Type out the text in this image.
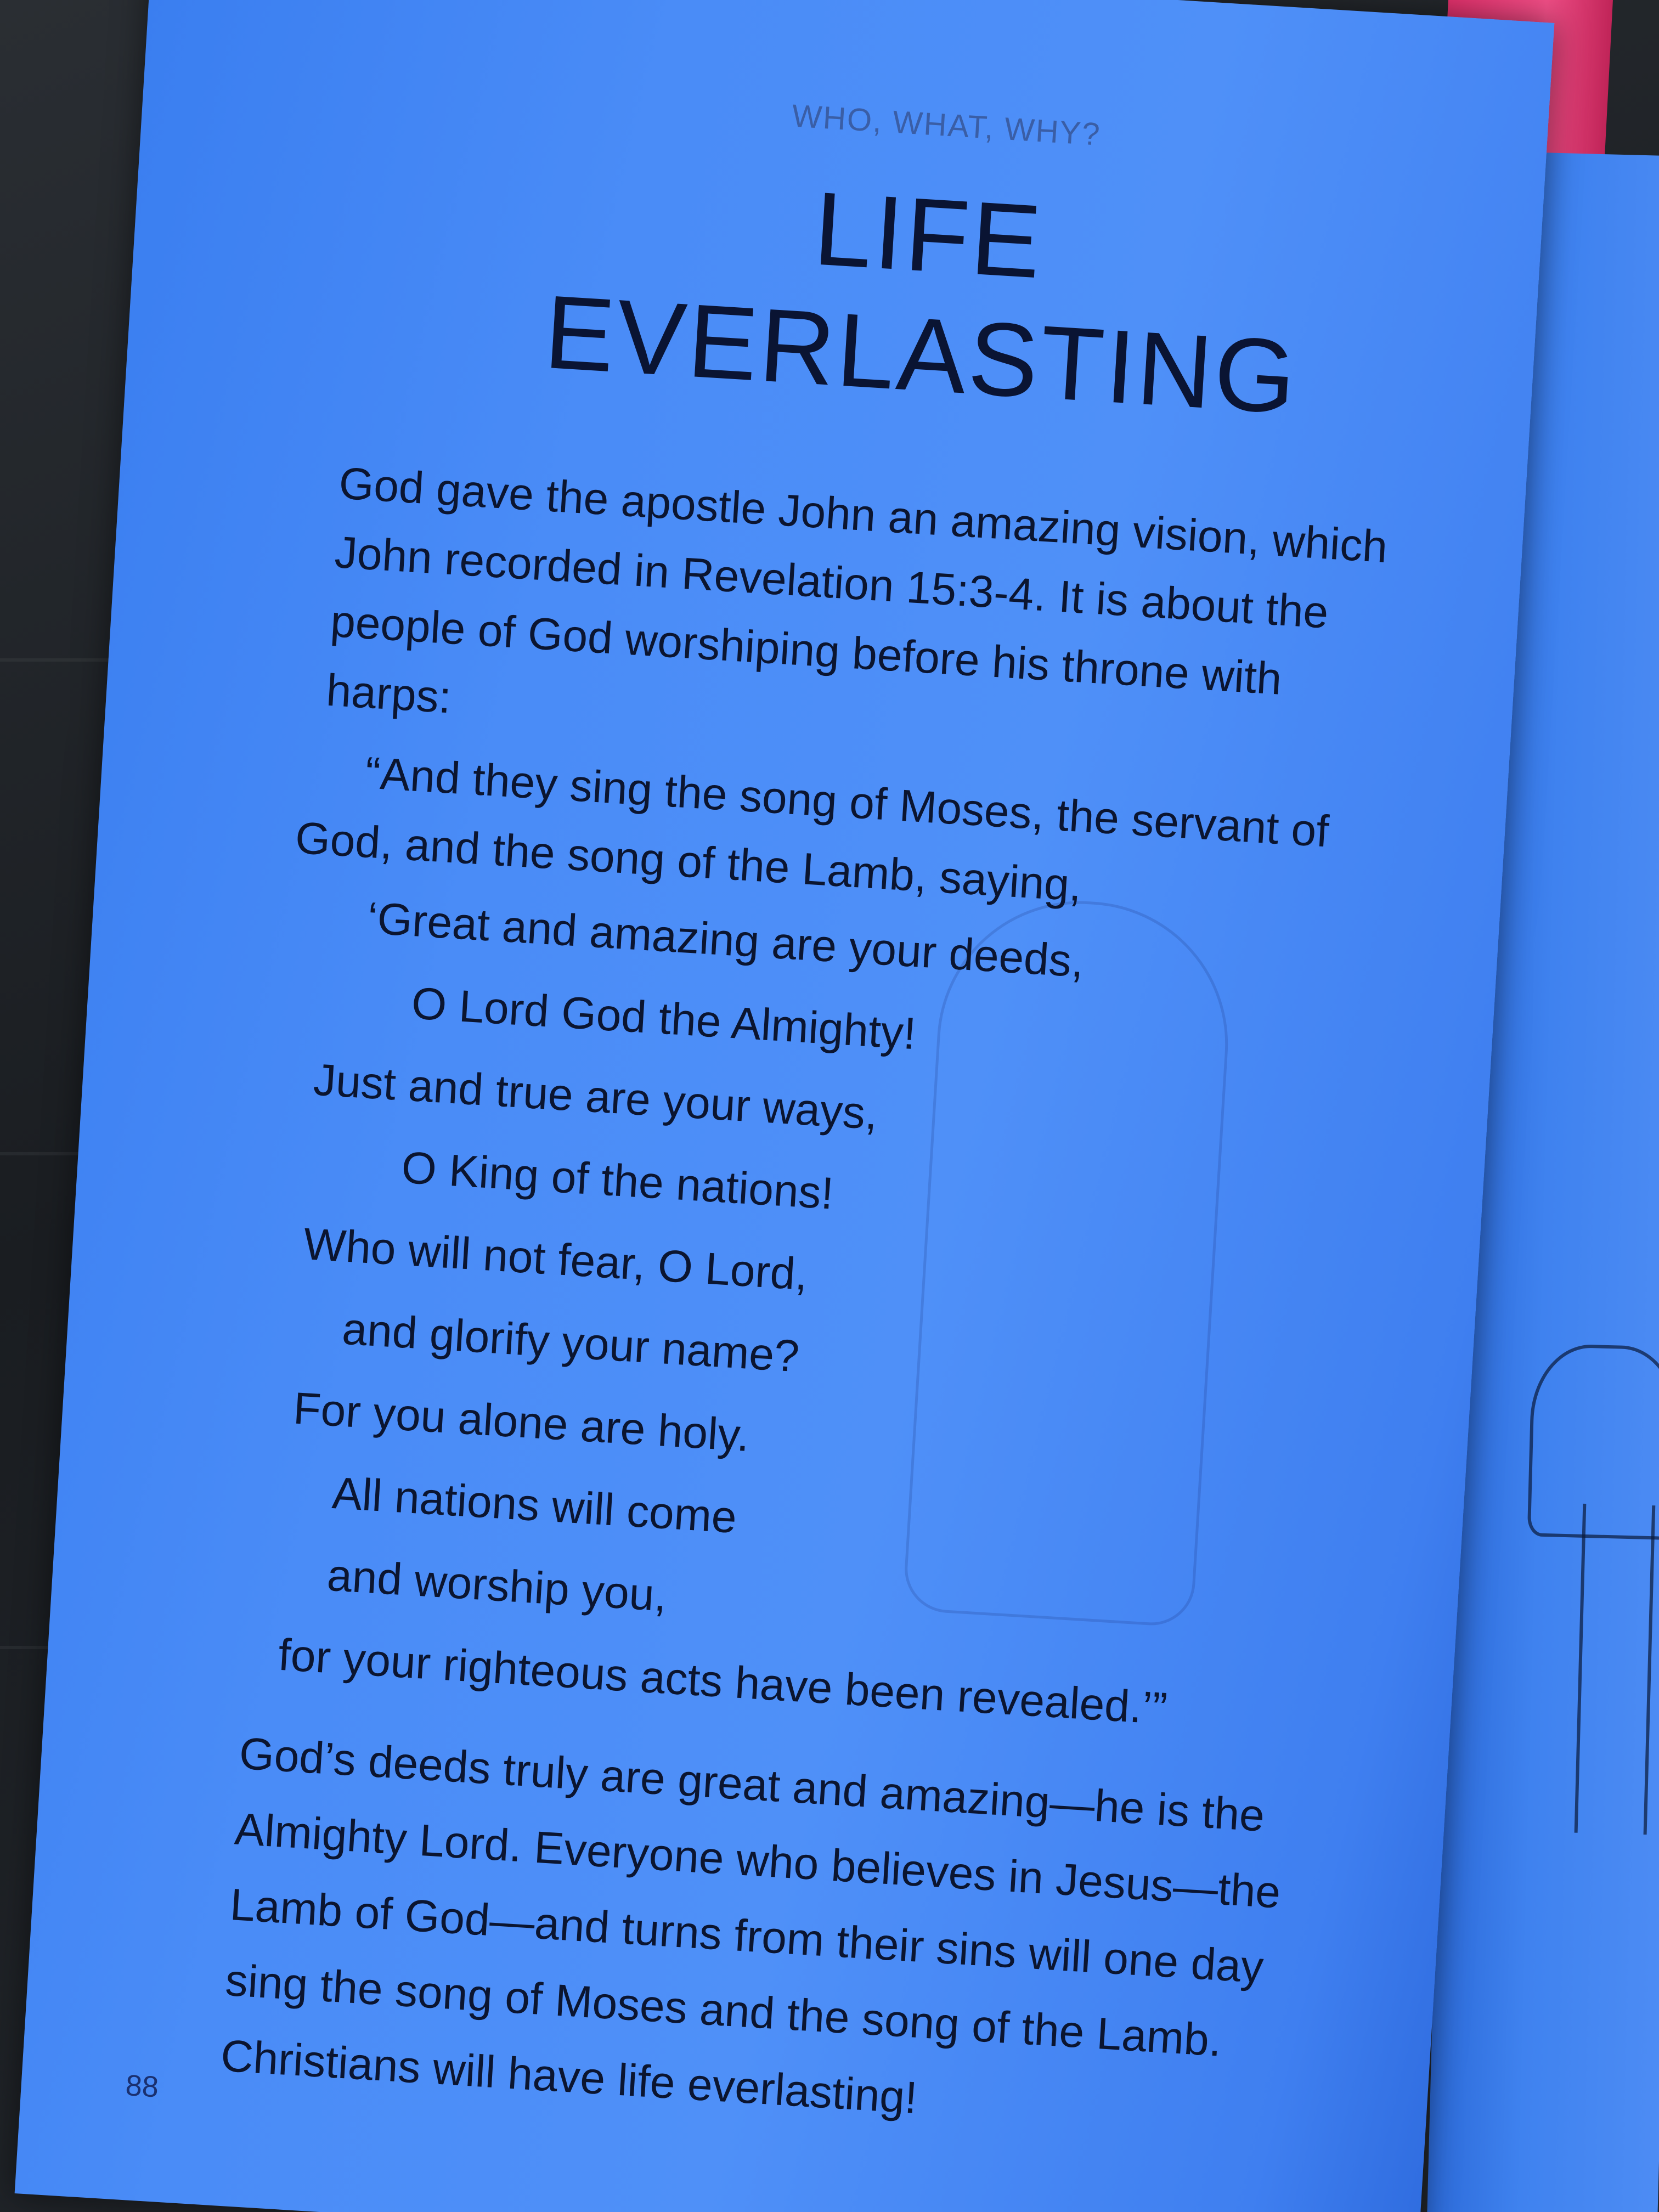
WHO, WHAT, WHY?
LIFE EVERLASTING
God gave the apostle John an amazing vision, which John recorded in Revelation 15:3-4. It is about the people of God worshiping before his throne with harps:
“And they sing the song of Moses, the servant of God, and the song of the Lamb, saying,
‘Great and amazing are your deeds,
O Lord God the Almighty!
Just and true are your ways,
O King of the nations!
Who will not fear, O Lord,
and glorify your name?
For you alone are holy.
All nations will come
and worship you,
for your righteous acts have been revealed.’”
God’s deeds truly are great and amazing—he is the Almighty Lord. Everyone who believes in Jesus—the Lamb of God—and turns from their sins will one day sing the song of Moses and the song of the Lamb. Christians will have life everlasting!
88
